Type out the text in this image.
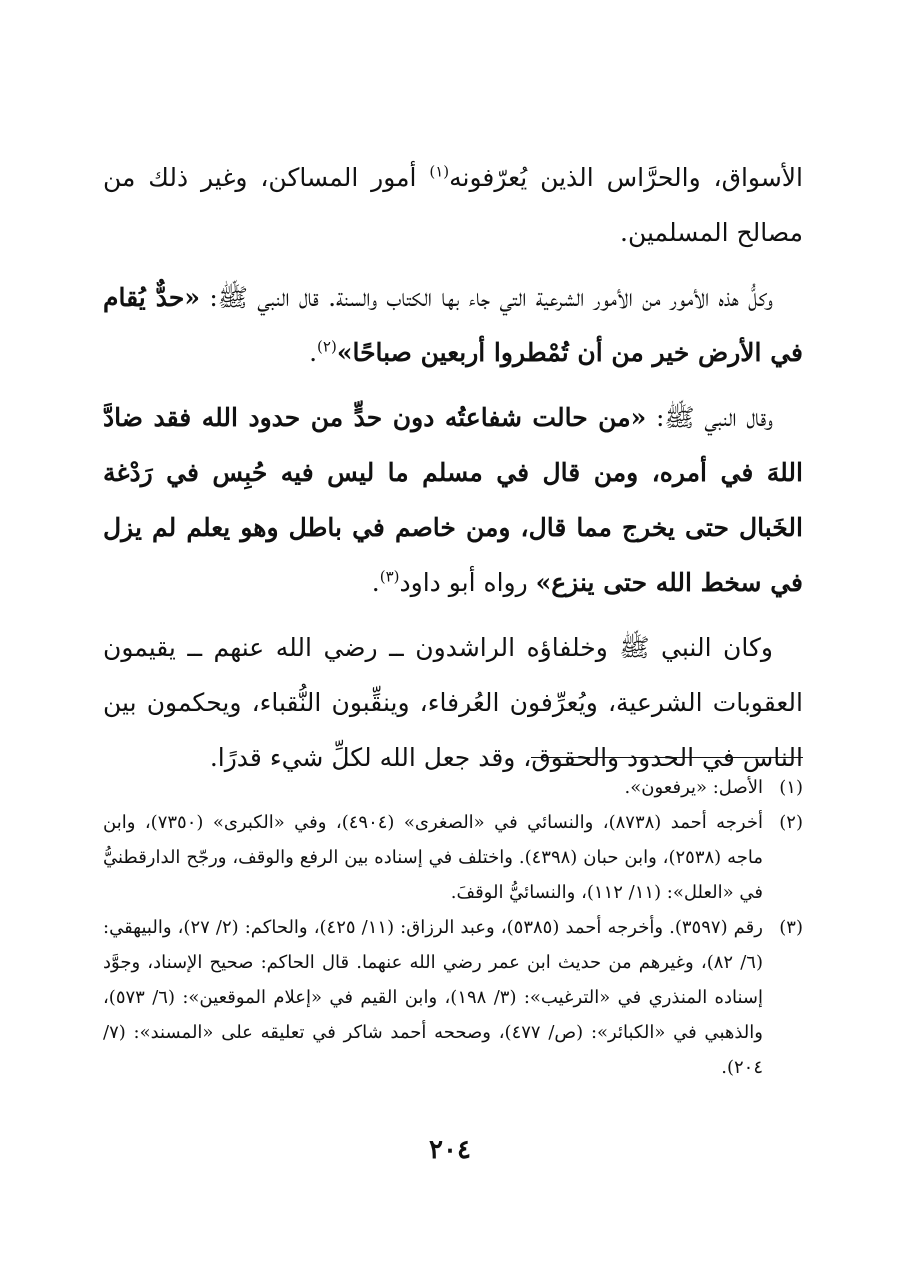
الأسواق، والحرَّاس الذين يُعرّفونه$^{(١)}$ أمور المساكن، وغير ذلك من مصالح المسلمين.

وكلُّ هذه الأمور من الأمور الشرعية التي جاء بها الكتاب والسنة. قال النبي ﷺ: «حدٌّ يُقام في الأرض خير من أن تُمْطروا أربعين صباحًا»$^{(٢)}$.

وقال النبي ﷺ: «من حالت شفاعتُه دون حدٍّ من حدود الله فقد ضادَّ اللهَ في أمره، ومن قال في مسلم ما ليس فيه حُبِس في رَدْغة الخَبال حتى يخرج مما قال، ومن خاصم في باطل وهو يعلم لم يزل في سخط الله حتى ينزع» رواه أبو داود$^{(٣)}$.

وكان النبي ﷺ وخلفاؤه الراشدون ــ رضي الله عنهم ــ يقيمون العقوبات الشرعية، ويُعرِّفون العُرفاء، وينقِّبون النُّقباء، ويحكمون بين الناس في الحدود والحقوق، وقد جعل الله لكلِّ شيء قدرًا.

(١)
الأصل: «يرفعون».
(٢)
أخرجه أحمد (٨٧٣٨)، والنسائي في «الصغرى» (٤٩٠٤)، وفي «الكبرى» (٧٣٥٠)، وابن ماجه (٢٥٣٨)، وابن حبان (٤٣٩٨). واختلف في إسناده بين الرفع والوقف، ورجّح الدارقطنيُّ في «العلل»: (١١/ ١١٢)، والنسائيُّ الوقفَ.
(٣)
رقم (٣٥٩٧). وأخرجه أحمد (٥٣٨٥)، وعبد الرزاق: (١١/ ٤٢٥)، والحاكم: (٢/ ٢٧)، والبيهقي: (٦/ ٨٢)، وغيرهم من حديث ابن عمر رضي الله عنهما. قال الحاكم: صحيح الإسناد، وجوَّد إسناده المنذري في «الترغيب»: (٣/ ١٩٨)، وابن القيم في «إعلام الموقعين»: (٦/ ٥٧٣)، والذهبي في «الكبائر»: (ص/ ٤٧٧)، وصححه أحمد شاكر في تعليقه على «المسند»: (٧/ ٢٠٤).
٢٠٤
